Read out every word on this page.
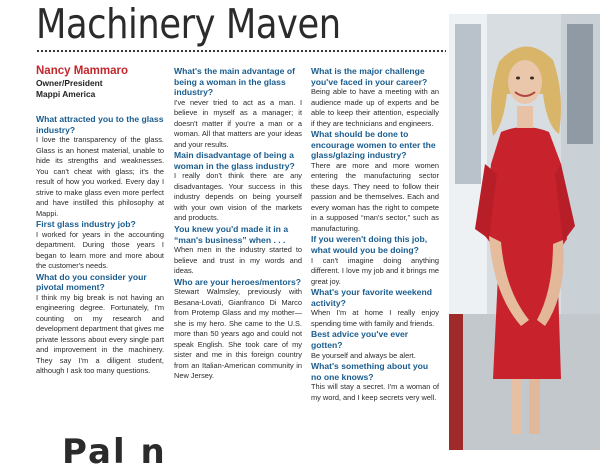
Machinery Maven

Nancy Mammaro

Owner/President

Mappi America

What attracted you to the glass industry?

I love the transparency of the glass. Glass is an honest material, unable to hide its strengths and weaknesses. You can't cheat with glass; it's the result of how you worked. Every day I strive to make glass even more perfect and have instilled this philosophy at Mappi.

First glass industry job?

I worked for years in the accounting department. During those years I began to learn more and more about the customer's needs.

What do you consider your pivotal moment?

I think my big break is not having an engineering degree. Fortunately, I'm counting on my research and development department that gives me private lessons about every single part and improvement in the machinery. They say I'm a diligent student, although I ask too many questions.

What's the main advantage of being a woman in the glass industry?

I've never tried to act as a man. I believe in myself as a manager; it doesn't matter if you're a man or a woman. All that matters are your ideas and your results.

Main disadvantage of being a woman in the glass industry?

I really don't think there are any disadvantages. Your success in this industry depends on being yourself with your own vision of the markets and products.

You knew you'd made it in a “man's business” when . . .

When men in the industry started to believe and trust in my words and ideas.

Who are your heroes/mentors?

Stewart Walmsley, previously with Besana-Lovati, Gianfranco Di Marco from Protemp Glass and my mother—she is my hero. She came to the U.S. more than 50 years ago and could not speak English. She took care of my sister and me in this foreign country from an Italian-American community in New Jersey.

What is the major challenge you've faced in your career?

Being able to have a meeting with an audience made up of experts and be able to keep their attention, especially if they are technicians and engineers.

What should be done to encourage women to enter the glass/glazing industry?

There are more and more women entering the manufacturing sector these days. They need to follow their passion and be themselves. Each and every woman has the right to compete in a supposed “man's sector,” such as manufacturing.

If you weren't doing this job, what would you be doing?

I can't imagine doing anything different. I love my job and it brings me great joy.

What's your favorite weekend activity?

When I'm at home I really enjoy spending time with family and friends.

Best advice you've ever gotten?

Be yourself and always be alert.

What's something about you no one knows?

This will stay a secret. I'm a woman of my word, and I keep secrets very well.

Pal n
